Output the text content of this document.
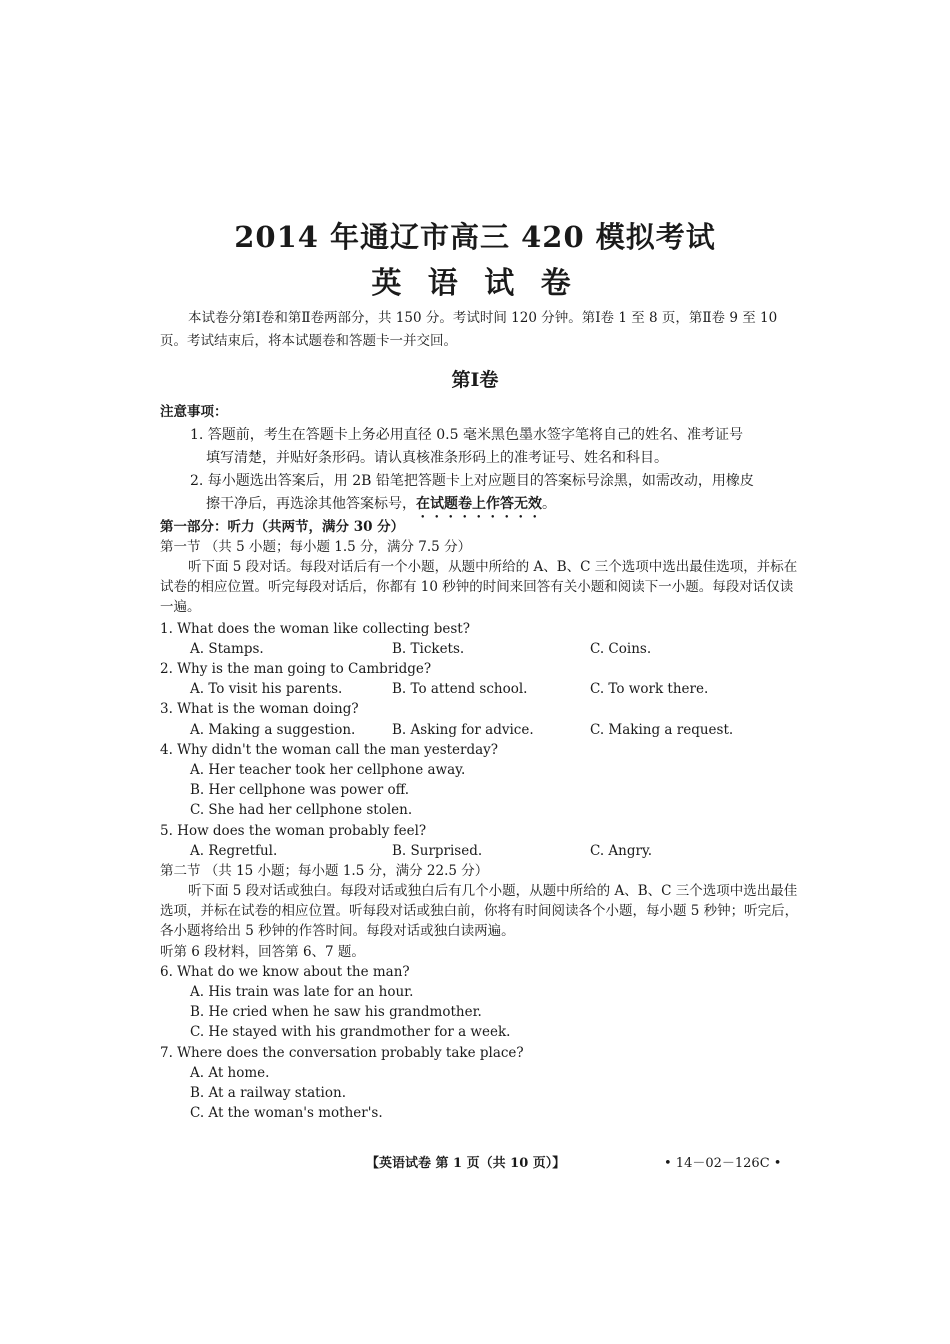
2014 年通辽市高三 420 模拟考试
英 语 试 卷
本试卷分第Ⅰ卷和第Ⅱ卷两部分，共 150 分。考试时间 120 分钟。第Ⅰ卷 1 至 8 页，第Ⅱ卷 9 至 10 页。考试结束后，将本试题卷和答题卡一并交回。
第Ⅰ卷
注意事项：
1. 答题前，考生在答题卡上务必用直径 0.5 毫米黑色墨水签字笔将自己的姓名、准考证号
填写清楚，并贴好条形码。请认真核准条形码上的准考证号、姓名和科目。
2. 每小题选出答案后，用 2B 铅笔把答题卡上对应题目的答案标号涂黑，如需改动，用橡皮
擦干净后，再选涂其他答案标号，在试题卷上作答无效。
第一部分：听力（共两节，满分 30 分）
第一节 （共 5 小题；每小题 1.5 分，满分 7.5 分）
听下面 5 段对话。每段对话后有一个小题，从题中所给的 A、B、C 三个选项中选出最佳选项，并标在试卷的相应位置。听完每段对话后，你都有 10 秒钟的时间来回答有关小题和阅读下一小题。每段对话仅读一遍。
1. What does the woman like collecting best?
A. Stamps.	B. Tickets.	C. Coins.
2. Why is the man going to Cambridge?
A. To visit his parents.	B. To attend school.	C. To work there.
3. What is the woman doing?
A. Making a suggestion.	B. Asking for advice.	C. Making a request.
4. Why didn't the woman call the man yesterday?
A. Her teacher took her cellphone away.
B. Her cellphone was power off.
C. She had her cellphone stolen.
5. How does the woman probably feel?
A. Regretful.	B. Surprised.	C. Angry.
第二节 （共 15 小题；每小题 1.5 分，满分 22.5 分）
听下面 5 段对话或独白。每段对话或独白后有几个小题，从题中所给的 A、B、C 三个选项中选出最佳选项，并标在试卷的相应位置。听每段对话或独白前，你将有时间阅读各个小题，每小题 5 秒钟；听完后，各小题将给出 5 秒钟的作答时间。每段对话或独白读两遍。
听第 6 段材料，回答第 6、7 题。
6. What do we know about the man?
A. His train was late for an hour.
B. He cried when he saw his grandmother.
C. He stayed with his grandmother for a week.
7. Where does the conversation probably take place?
A. At home.
B. At a railway station.
C. At the woman's mother's.
【英语试卷 第 1 页（共 10 页）】	• 14－02－126C •
